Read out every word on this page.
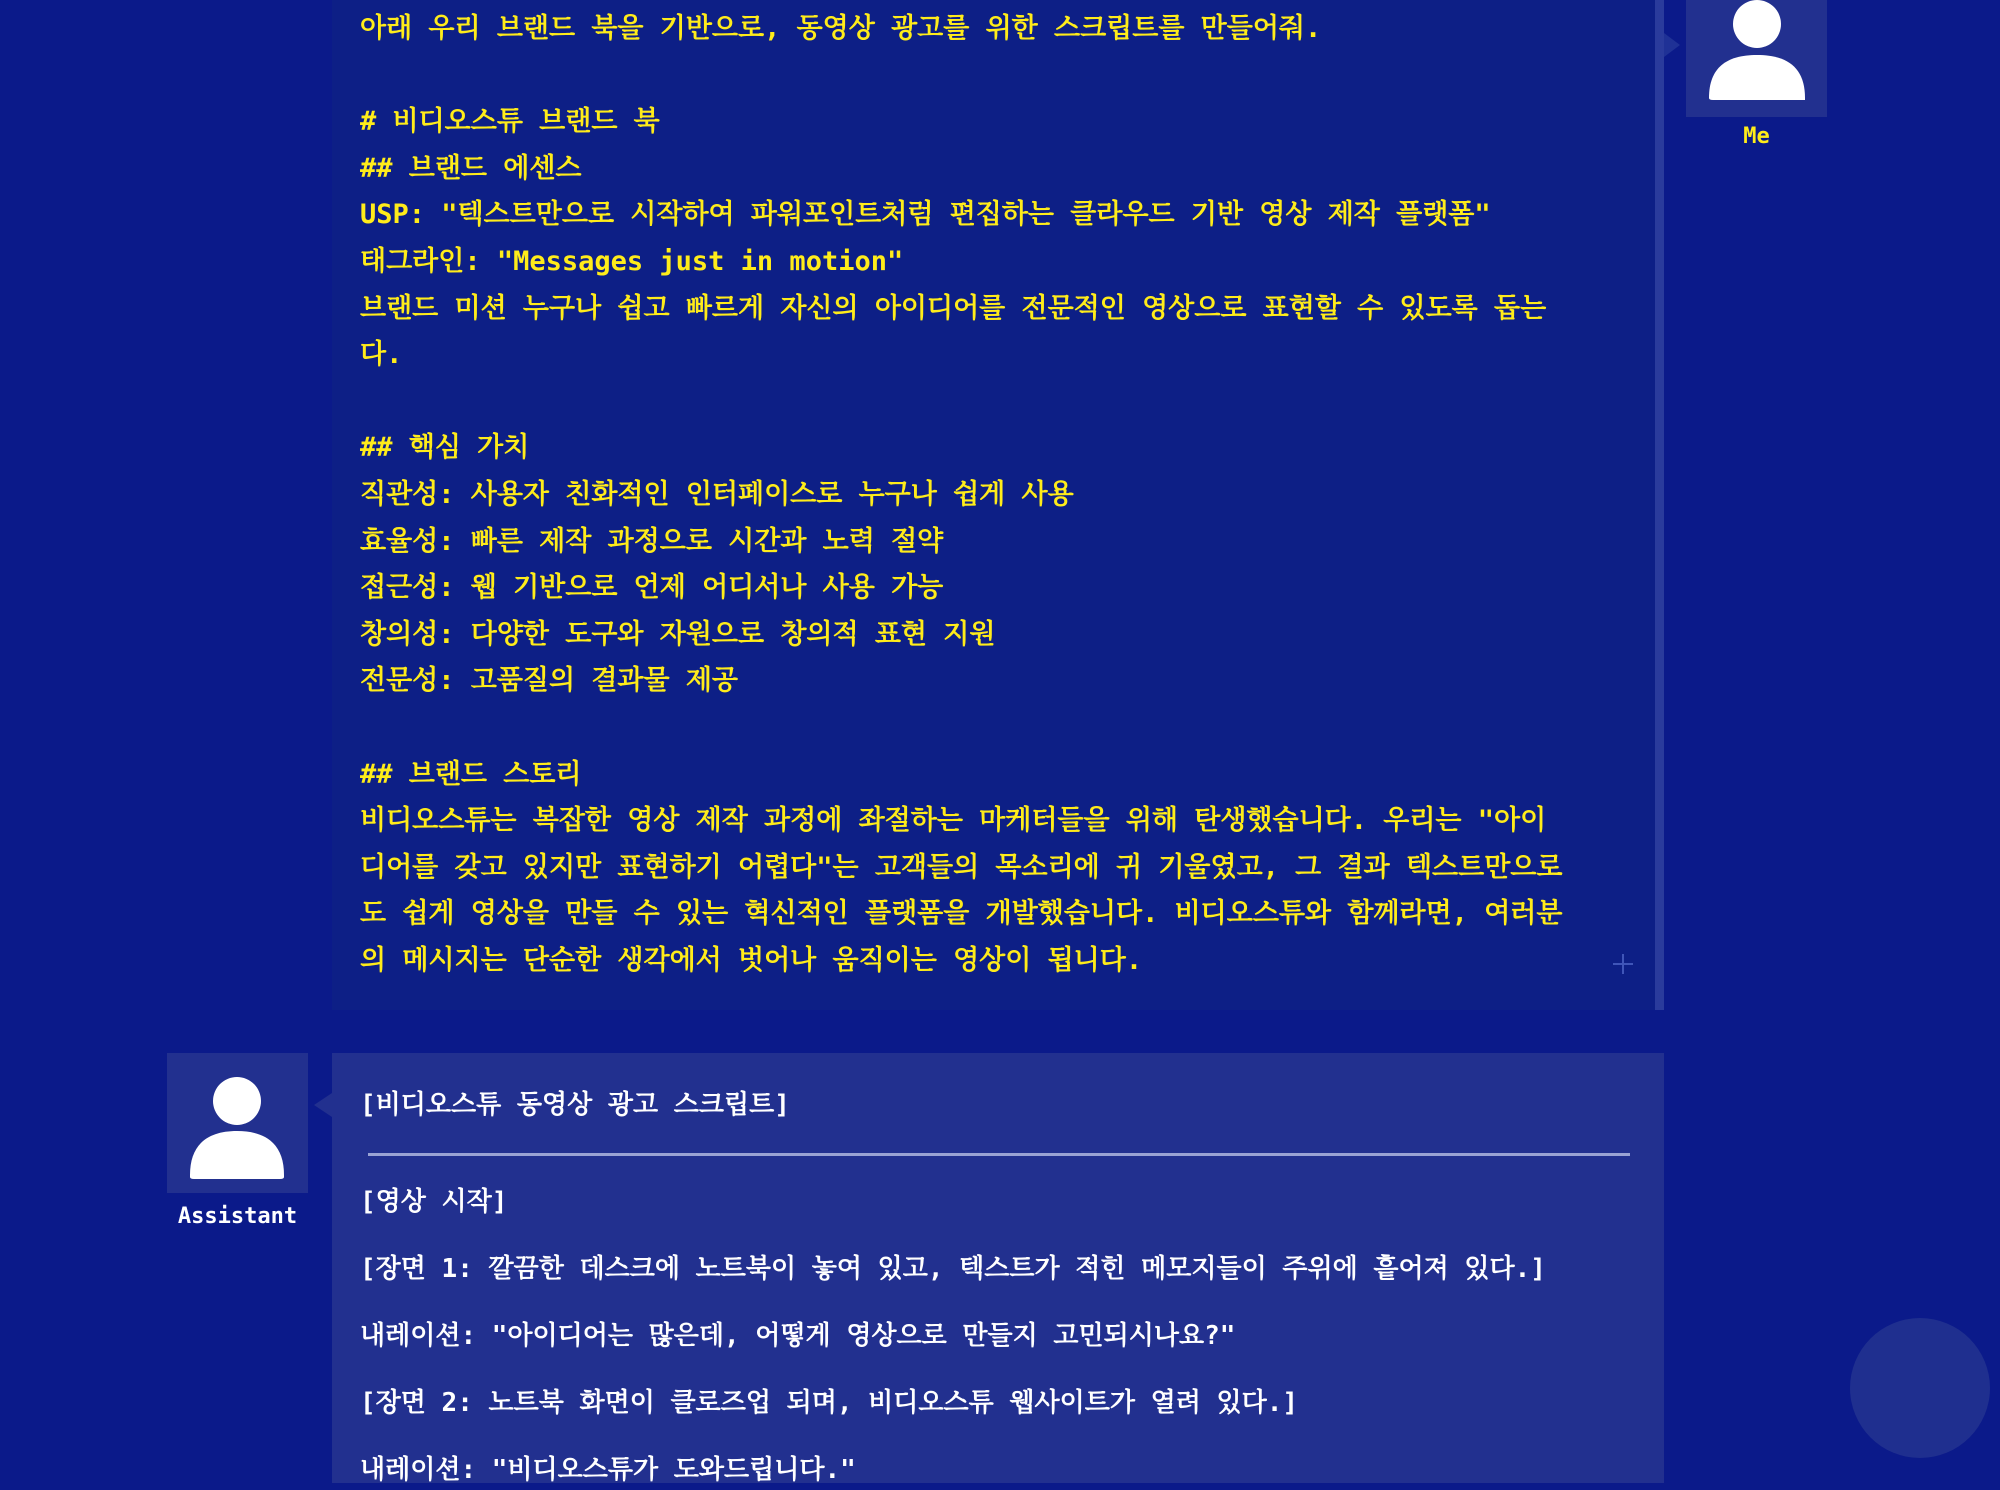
아래 우리 브랜드 북을 기반으로, 동영상 광고를 위한 스크립트를 만들어줘.
# 비디오스튜 브랜드 북
## 브랜드 에센스
USP: "텍스트만으로 시작하여 파워포인트처럼 편집하는 클라우드 기반 영상 제작 플랫폼"
태그라인: "Messages just in motion"
브랜드 미션 누구나 쉽고 빠르게 자신의 아이디어를 전문적인 영상으로 표현할 수 있도록 돕는
다.
## 핵심 가치
직관성: 사용자 친화적인 인터페이스로 누구나 쉽게 사용
효율성: 빠른 제작 과정으로 시간과 노력 절약
접근성: 웹 기반으로 언제 어디서나 사용 가능
창의성: 다양한 도구와 자원으로 창의적 표현 지원
전문성: 고품질의 결과물 제공
## 브랜드 스토리
비디오스튜는 복잡한 영상 제작 과정에 좌절하는 마케터들을 위해 탄생했습니다. 우리는 "아이
디어를 갖고 있지만 표현하기 어렵다"는 고객들의 목소리에 귀 기울였고, 그 결과 텍스트만으로
도 쉽게 영상을 만들 수 있는 혁신적인 플랫폼을 개발했습니다. 비디오스튜와 함께라면, 여러분
의 메시지는 단순한 생각에서 벗어나 움직이는 영상이 됩니다.
Me
Assistant
[비디오스튜 동영상 광고 스크립트]
[영상 시작]
[장면 1: 깔끔한 데스크에 노트북이 놓여 있고, 텍스트가 적힌 메모지들이 주위에 흩어져 있다.]
내레이션: "아이디어는 많은데, 어떻게 영상으로 만들지 고민되시나요?"
[장면 2: 노트북 화면이 클로즈업 되며, 비디오스튜 웹사이트가 열려 있다.]
내레이션: "비디오스튜가 도와드립니다."
